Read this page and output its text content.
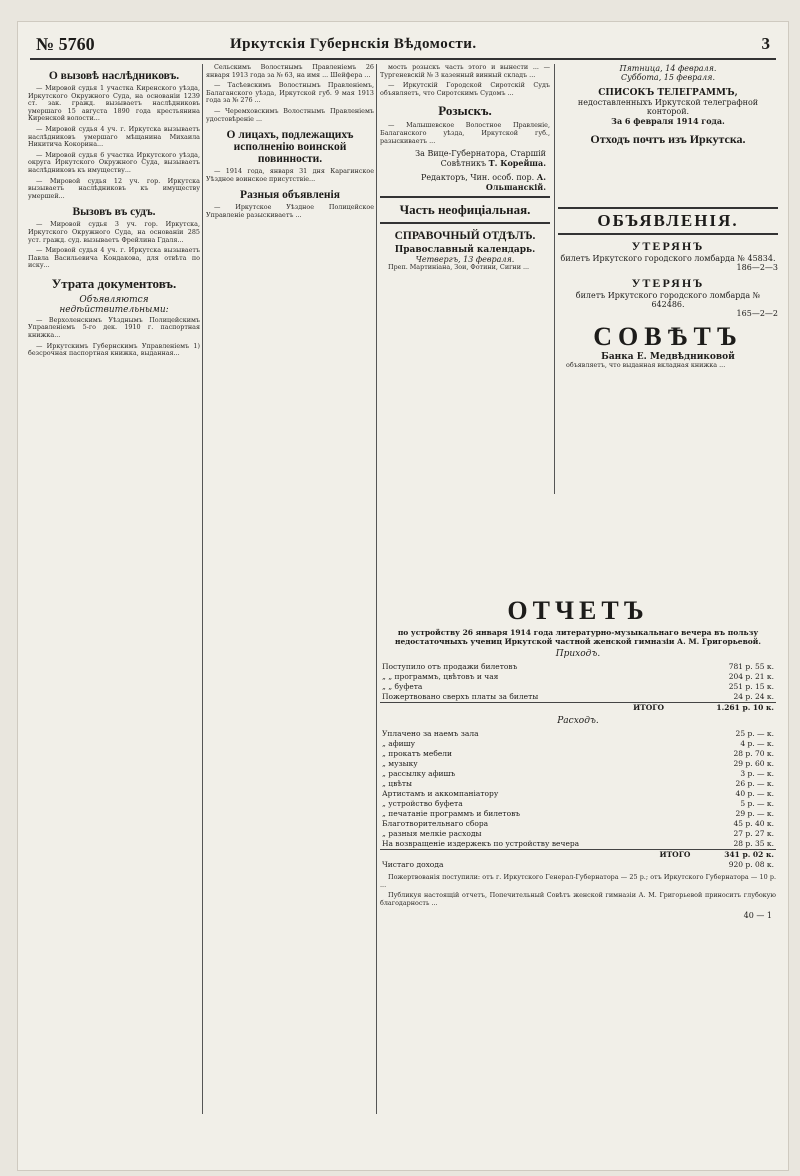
№ 5760	Иркутскія Губернскія Вѣдомости.	3
О вызовѣ наслѣдниковъ.

— Мировой судья 1 участка Киренского уѣзда, Иркутского Окружного Суда, на основаніи 1239 ст. зак. гражд. вызываетъ наслѣдниковъ умершаго 15 августа 1890 года крестьянина Киренской волости...

— Мировой судья 4 уч. г. Иркутска вызываетъ наслѣдниковъ умершаго мѣщанина Михаила Никитича Кокорина...

— Мировой судья 6 участка Иркутского уѣзда, округа Иркутского Окружного Суда, вызываетъ наслѣдниковъ къ имуществу...

— Мировой судья 12 уч. гор. Иркутска вызываетъ наслѣдниковъ къ имуществу умершей...

Вызовъ въ судъ.

— Мировой судья 3 уч. гор. Иркутска, Иркутского Окружного Суда, на основаніи 285 уст. гражд. суд. вызываетъ Фрейлина Гдаля...

— Мировой судья 4 уч. г. Иркутска вызываетъ Павла Васильевича Кондакова, для отвѣта по иску...

Утрата документовъ.
Объявляются недѣйствительными:

— Верхоленскимъ Уѣзднымъ Полицейскимъ Управленіемъ 5-го дек. 1910 г. паспортная книжка...

— Иркутскимъ Губернскимъ Управленіемъ 1) безсрочная паспортная книжка, выданная...

Сельскимъ Волостнымъ Правленіемъ 26 января 1913 года за № 63, на имя ... Шейфера ...

— Тасѣевскимъ Волостнымъ Правленіемъ, Балаганского уѣзда, Иркутской губ. 9 мая 1913 года за № 276 ...

— Черемховскимъ Волостнымъ Правленіемъ удостовѣреніе ...

О лицахъ, подлежащихъ исполненію воинской повинности.

— 1914 года, января 31 дня Карагинское Уѣздное воинское присутствіе...

Разныя объявленія

— Иркутское Уѣздное Полицейское Управленіе разыскиваетъ ...

мость розыскъ часть этого и вынести ... — Тургеневскій № 3 казенный винный складъ ...

— Иркутскій Городской Сиротскій Судъ объявляетъ, что Сиротскимъ Судомъ ...

Розыскъ.

— Малышевское Волостное Правленіе, Балаганского уѣзда, Иркутской губ., разыскиваетъ ...

За Вице-Губернатора, Старшій Совѣтникъ Т. Корейша.
Редакторъ, Чин. особ. пор. А. Ольшанскій.
Часть неофиціальная.
СПРАВОЧНЫЙ ОТДѢЛЪ.
Православный календарь.
Четвергъ, 13 февраля.

Преп. Мартиніана, Зои, Фотини, Сигни ...

Пятница, 14 февраля.
Суббота, 15 февраля.
СПИСОКЪ ТЕЛЕГРАММЪ,
недоставленныхъ Иркутской телеграфной конторой.
За 6 февраля 1914 года.
Отходъ почтъ изъ Иркутска.
ОБЪЯВЛЕНІЯ.
УТЕРЯНЪ
билетъ Иркутского городского ломбарда № 45834.
186—2—3
УТЕРЯНЪ
билетъ Иркутского городского ломбарда № 642486.
165—2—2
СОВѢТЪ
Банка Е. Медвѣдниковой

объявляетъ, что выданная вкладная книжка ...

ОТЧЕТЪ
по устройству 26 января 1914 года литературно-музыкальнаго вечера въ пользу недостаточныхъ учениц Иркутской частной женской гимназіи А. М. Григорьевой.
Приходъ.
Поступило отъ продажи билетовъ	781 р. 55 к.
„ „ программъ, цвѣтовъ и чая	204 р. 21 к.
„ „ буфета	251 р. 15 к.
Пожертвовано сверхъ платы за билеты	24 р. 24 к.
ИТОГО	1.261 р. 10 к.
Расходъ.
Уплачено за наемъ зала	25 р. — к.
„ афишу	4 р. — к.
„ прокатъ мебели	28 р. 70 к.
„ музыку	29 р. 60 к.
„ рассылку афишъ	3 р. — к.
„ цвѣты	26 р. — к.
Артистамъ и аккомпаніатору	40 р. — к.
„ устройство буфета	5 р. — к.
„ печатаніе программъ и билетовъ	29 р. — к.
Благотворительнаго сбора	45 р. 40 к.
„ разныя мелкіе расходы	27 р. 27 к.
На возвращеніе издержекъ по устройству вечера	28 р. 35 к.
ИТОГО	341 р. 02 к.
Чистаго дохода	920 р. 08 к.

Пожертвованія поступили: отъ г. Иркутского Генерал-Губернатора — 25 р.; отъ Иркутского Губернатора — 10 р. ...

Публикуя настоящій отчетъ, Попечительный Совѣтъ женской гимназіи А. М. Григорьевой приноситъ глубокую благодарность ...

40 — 1
